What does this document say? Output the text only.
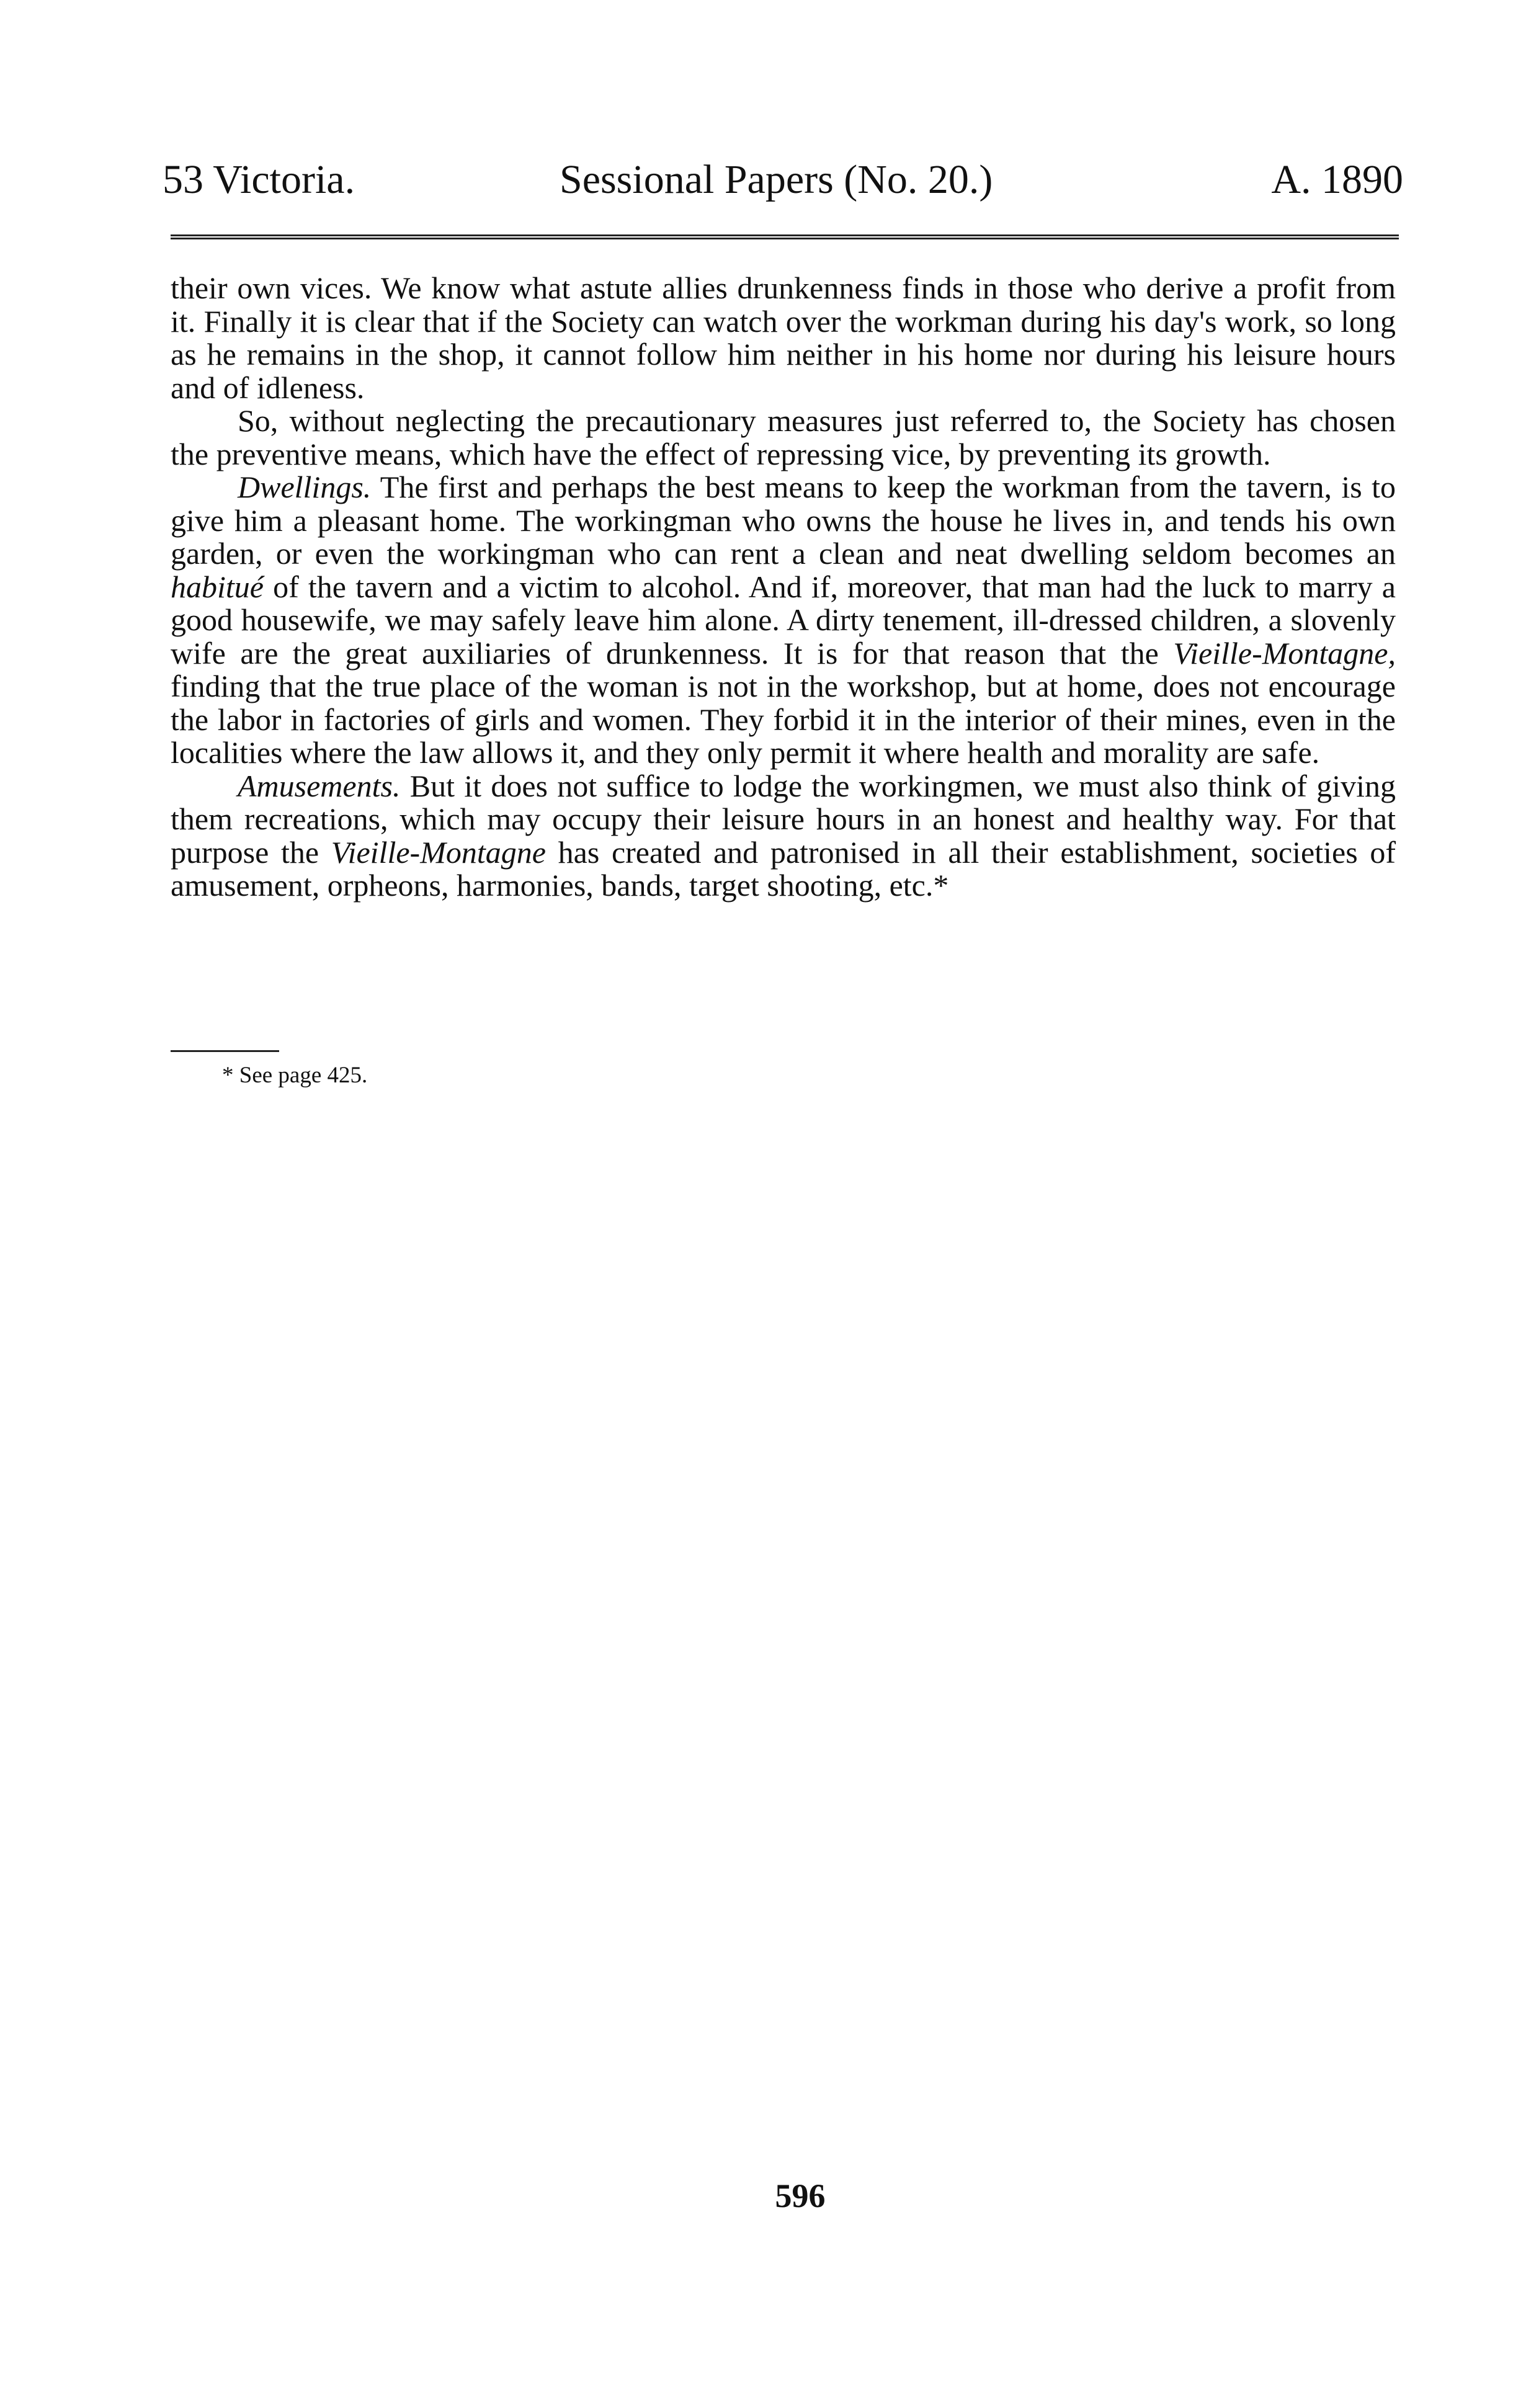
53 Victoria.	Sessional Papers (No. 20.)	A. 1890

their own vices. We know what astute allies drunkenness finds in those who derive a profit from it. Finally it is clear that if the Society can watch over the workman during his day's work, so long as he remains in the shop, it cannot follow him neither in his home nor during his leisure hours and of idleness.

So, without neglecting the precautionary measures just referred to, the Society has chosen the preventive means, which have the effect of repressing vice, by preventing its growth.

Dwellings. The first and perhaps the best means to keep the workman from the tavern, is to give him a pleasant home. The workingman who owns the house he lives in, and tends his own garden, or even the workingman who can rent a clean and neat dwelling seldom becomes an habitué of the tavern and a victim to alcohol. And if, moreover, that man had the luck to marry a good housewife, we may safely leave him alone. A dirty tenement, ill-dressed children, a slovenly wife are the great auxiliaries of drunkenness. It is for that reason that the Vieille-Montagne, finding that the true place of the woman is not in the workshop, but at home, does not encourage the labor in factories of girls and women. They forbid it in the interior of their mines, even in the localities where the law allows it, and they only permit it where health and morality are safe.

Amusements. But it does not suffice to lodge the workingmen, we must also think of giving them recreations, which may occupy their leisure hours in an honest and healthy way. For that purpose the Vieille-Montagne has created and patronised in all their establishment, societies of amusement, orpheons, harmonies, bands, target shooting, etc.*

* See page 425.
596
